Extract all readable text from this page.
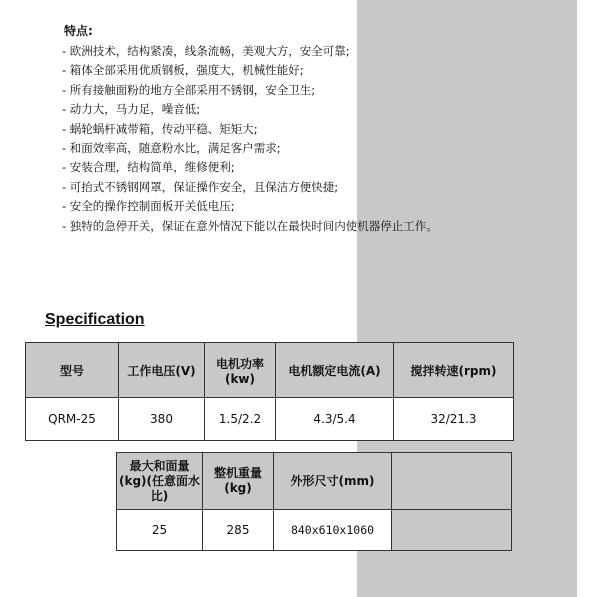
特点:
- 欧洲技术，结构紧凑，线条流畅，美观大方，安全可靠;
- 箱体全部采用优质钢板，强度大，机械性能好;
- 所有接触面粉的地方全部采用不锈钢，安全卫生;
- 动力大，马力足，噪音低;
- 蜗轮蜗杆减带箱，传动平稳、矩矩大;
- 和面效率高，随意粉水比，满足客户需求;
- 安装合理，结构简单，维修便利;
- 可抬式不锈钢网罩，保证操作安全，且保洁方便快捷;
- 安全的操作控制面板开关低电压;
- 独特的急停开关，保证在意外情况下能以在最快时间内使机器停止工作。
Specification
型号	工作电压(V)	电机功率(kw)	电机额定电流(A)	搅拌转速(rpm)
QRM-25	380	1.5/2.2	4.3/5.4	32/21.3
最大和面量(kg)(任意面水比)	整机重量(kg)	外形尺寸(mm)	
25	285	840x610x1060	
